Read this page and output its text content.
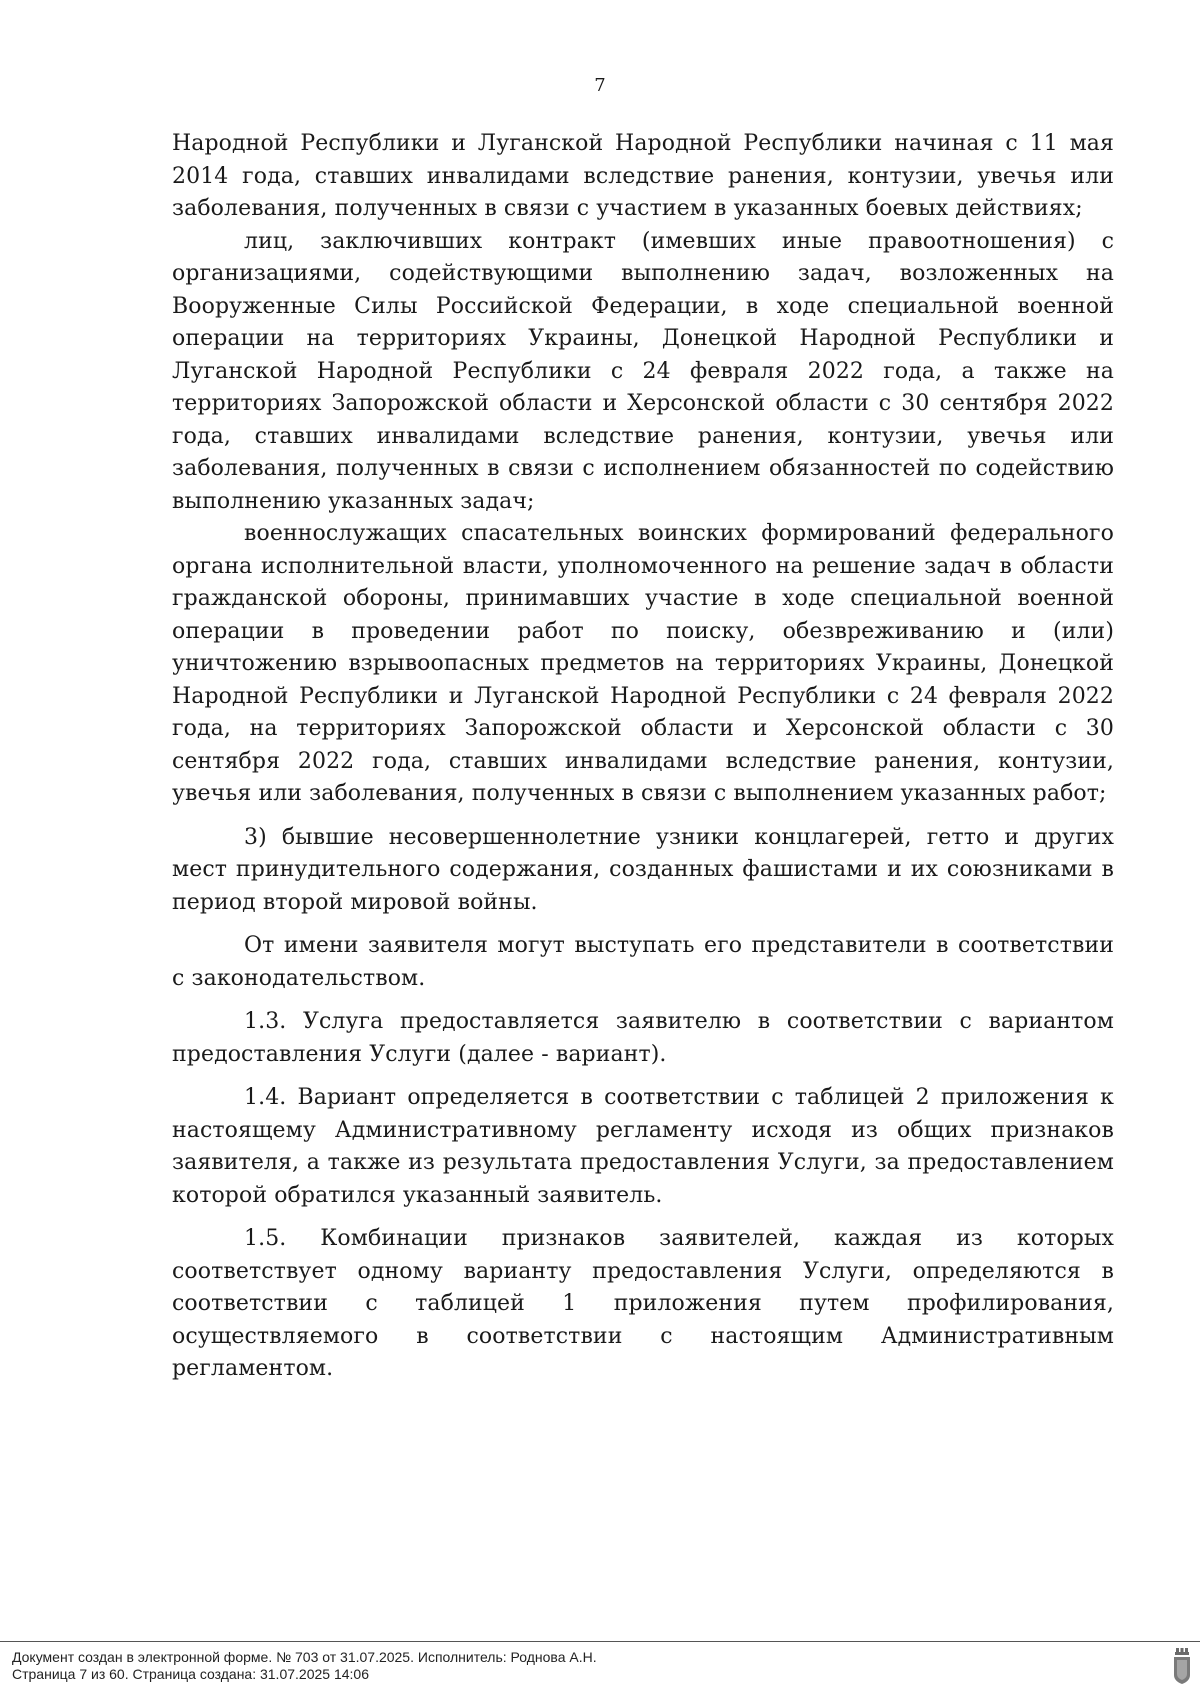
7

Народной Республики и Луганской Народной Республики начиная с 11 мая 2014 года, ставших инвалидами вследствие ранения, контузии, увечья или заболевания, полученных в связи с участием в указанных боевых действиях;

лиц, заключивших контракт (имевших иные правоотношения) с организациями, содействующими выполнению задач, возложенных на Вооруженные Силы Российской Федерации, в ходе специальной военной операции на территориях Украины, Донецкой Народной Республики и Луганской Народной Республики с 24 февраля 2022 года, а также на территориях Запорожской области и Херсонской области с 30 сентября 2022 года, ставших инвалидами вследствие ранения, контузии, увечья или заболевания, полученных в связи с исполнением обязанностей по содействию выполнению указанных задач;

военнослужащих спасательных воинских формирований федерального органа исполнительной власти, уполномоченного на решение задач в области гражданской обороны, принимавших участие в ходе специальной военной операции в проведении работ по поиску, обезвреживанию и (или) уничтожению взрывоопасных предметов на территориях Украины, Донецкой Народной Республики и Луганской Народной Республики с 24 февраля 2022 года, на территориях Запорожской области и Херсонской области с 30 сентября 2022 года, ставших инвалидами вследствие ранения, контузии, увечья или заболевания, полученных в связи с выполнением указанных работ;

3) бывшие несовершеннолетние узники концлагерей, гетто и других мест принудительного содержания, созданных фашистами и их союзниками в период второй мировой войны.

От имени заявителя могут выступать его представители в соответствии с законодательством.

1.3. Услуга предоставляется заявителю в соответствии с вариантом предоставления Услуги (далее - вариант).

1.4. Вариант определяется в соответствии с таблицей 2 приложения к настоящему Административному регламенту исходя из общих признаков заявителя, а также из результата предоставления Услуги, за предоставлением которой обратился указанный заявитель.

1.5. Комбинации признаков заявителей, каждая из которых соответствует одному варианту предоставления Услуги, определяются в соответствии с таблицей 1 приложения путем профилирования, осуществляемого в соответствии с настоящим Административным регламентом.

Документ создан в электронной форме. № 703 от 31.07.2025. Исполнитель: Роднова А.Н.
Страница 7 из 60. Страница создана: 31.07.2025 14:06
